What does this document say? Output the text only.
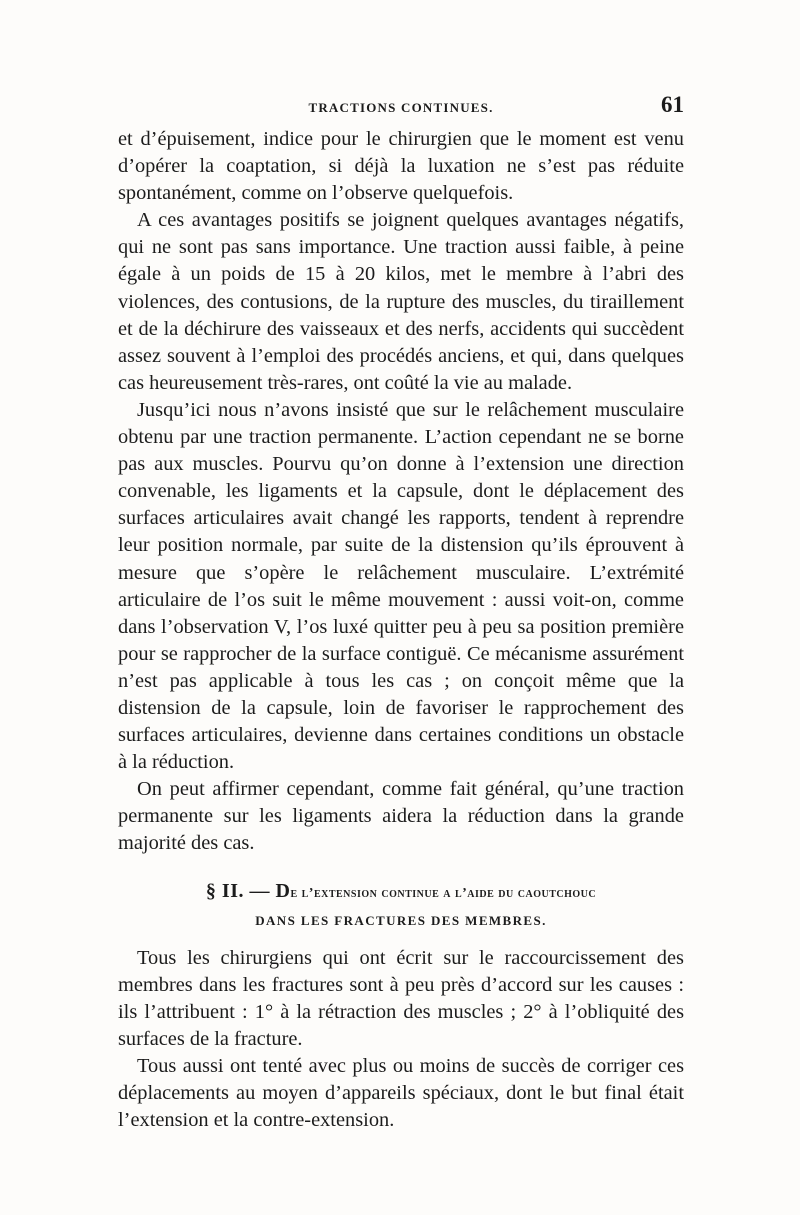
TRACTIONS CONTINUES.	61

et d’épuisement, indice pour le chirurgien que le moment est venu d’opérer la coaptation, si déjà la luxation ne s’est pas réduite spontanément, comme on l’observe quelquefois.

A ces avantages positifs se joignent quelques avantages négatifs, qui ne sont pas sans importance. Une traction aussi faible, à peine égale à un poids de 15 à 20 kilos, met le membre à l’abri des violences, des contusions, de la rupture des muscles, du tiraillement et de la déchirure des vaisseaux et des nerfs, accidents qui succèdent assez souvent à l’emploi des procédés anciens, et qui, dans quelques cas heureusement très-rares, ont coûté la vie au malade.

Jusqu’ici nous n’avons insisté que sur le relâchement musculaire obtenu par une traction permanente. L’action cependant ne se borne pas aux muscles. Pourvu qu’on donne à l’extension une direction convenable, les ligaments et la capsule, dont le déplacement des surfaces articulaires avait changé les rapports, tendent à reprendre leur position normale, par suite de la distension qu’ils éprouvent à mesure que s’opère le relâchement musculaire. L’extrémité articulaire de l’os suit le même mouvement : aussi voit-on, comme dans l’observation V, l’os luxé quitter peu à peu sa position première pour se rapprocher de la surface contiguë. Ce mécanisme assurément n’est pas applicable à tous les cas ; on conçoit même que la distension de la capsule, loin de favoriser le rapprochement des surfaces articulaires, devienne dans certaines conditions un obstacle à la réduction.

On peut affirmer cependant, comme fait général, qu’une traction permanente sur les ligaments aidera la réduction dans la grande majorité des cas.

§ II. — De l’extension continue a l’aide du caoutchouc
DANS LES FRACTURES DES MEMBRES.

Tous les chirurgiens qui ont écrit sur le raccourcissement des membres dans les fractures sont à peu près d’accord sur les causes : ils l’attribuent : 1° à la rétraction des muscles ; 2° à l’obliquité des surfaces de la fracture.

Tous aussi ont tenté avec plus ou moins de succès de corriger ces déplacements au moyen d’appareils spéciaux, dont le but final était l’extension et la contre-extension.
